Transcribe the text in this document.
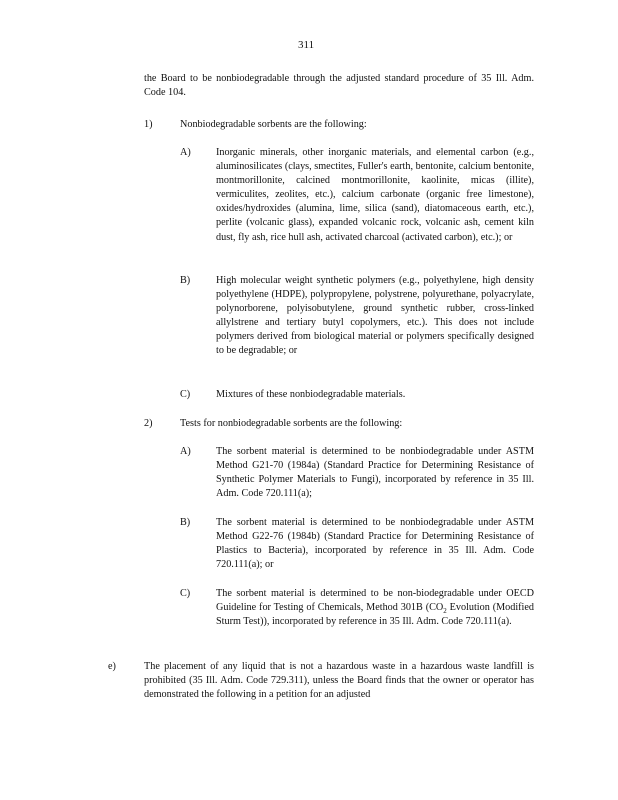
311
the Board to be nonbiodegradable through the adjusted standard procedure of 35 Ill. Adm. Code 104.
1)	Nonbiodegradable sorbents are the following:
A)	Inorganic minerals, other inorganic materials, and elemental carbon (e.g., aluminosilicates (clays, smectites, Fuller's earth, bentonite, calcium bentonite, montmorillonite, calcined montmorillonite, kaolinite, micas (illite), vermiculites, zeolites, etc.), calcium carbonate (organic free limestone), oxides/hydroxides (alumina, lime, silica (sand), diatomaceous earth, etc.), perlite (volcanic glass), expanded volcanic rock, volcanic ash, cement kiln dust, fly ash, rice hull ash, activated charcoal (activated carbon), etc.); or
B)	High molecular weight synthetic polymers (e.g., polyethylene, high density polyethylene (HDPE), polypropylene, polystrene, polyurethane, polyacrylate, polynorborene, polyisobutylene, ground synthetic rubber, cross-linked allylstrene and tertiary butyl copolymers, etc.). This does not include polymers derived from biological material or polymers specifically designed to be degradable; or
C)	Mixtures of these nonbiodegradable materials.
2)	Tests for nonbiodegradable sorbents are the following:
A)	The sorbent material is determined to be nonbiodegradable under ASTM Method G21-70 (1984a) (Standard Practice for Determining Resistance of Synthetic Polymer Materials to Fungi), incorporated by reference in 35 Ill. Adm. Code 720.111(a);
B)	The sorbent material is determined to be nonbiodegradable under ASTM Method G22-76 (1984b) (Standard Practice for Determining Resistance of Plastics to Bacteria), incorporated by reference in 35 Ill. Adm. Code 720.111(a); or
C)	The sorbent material is determined to be non-biodegradable under OECD Guideline for Testing of Chemicals, Method 301B ($CO_2$ Evolution (Modified Sturm Test)), incorporated by reference in 35 Ill. Adm. Code 720.111(a).
e)	The placement of any liquid that is not a hazardous waste in a hazardous waste landfill is prohibited (35 Ill. Adm. Code 729.311), unless the Board finds that the owner or operator has demonstrated the following in a petition for an adjusted
